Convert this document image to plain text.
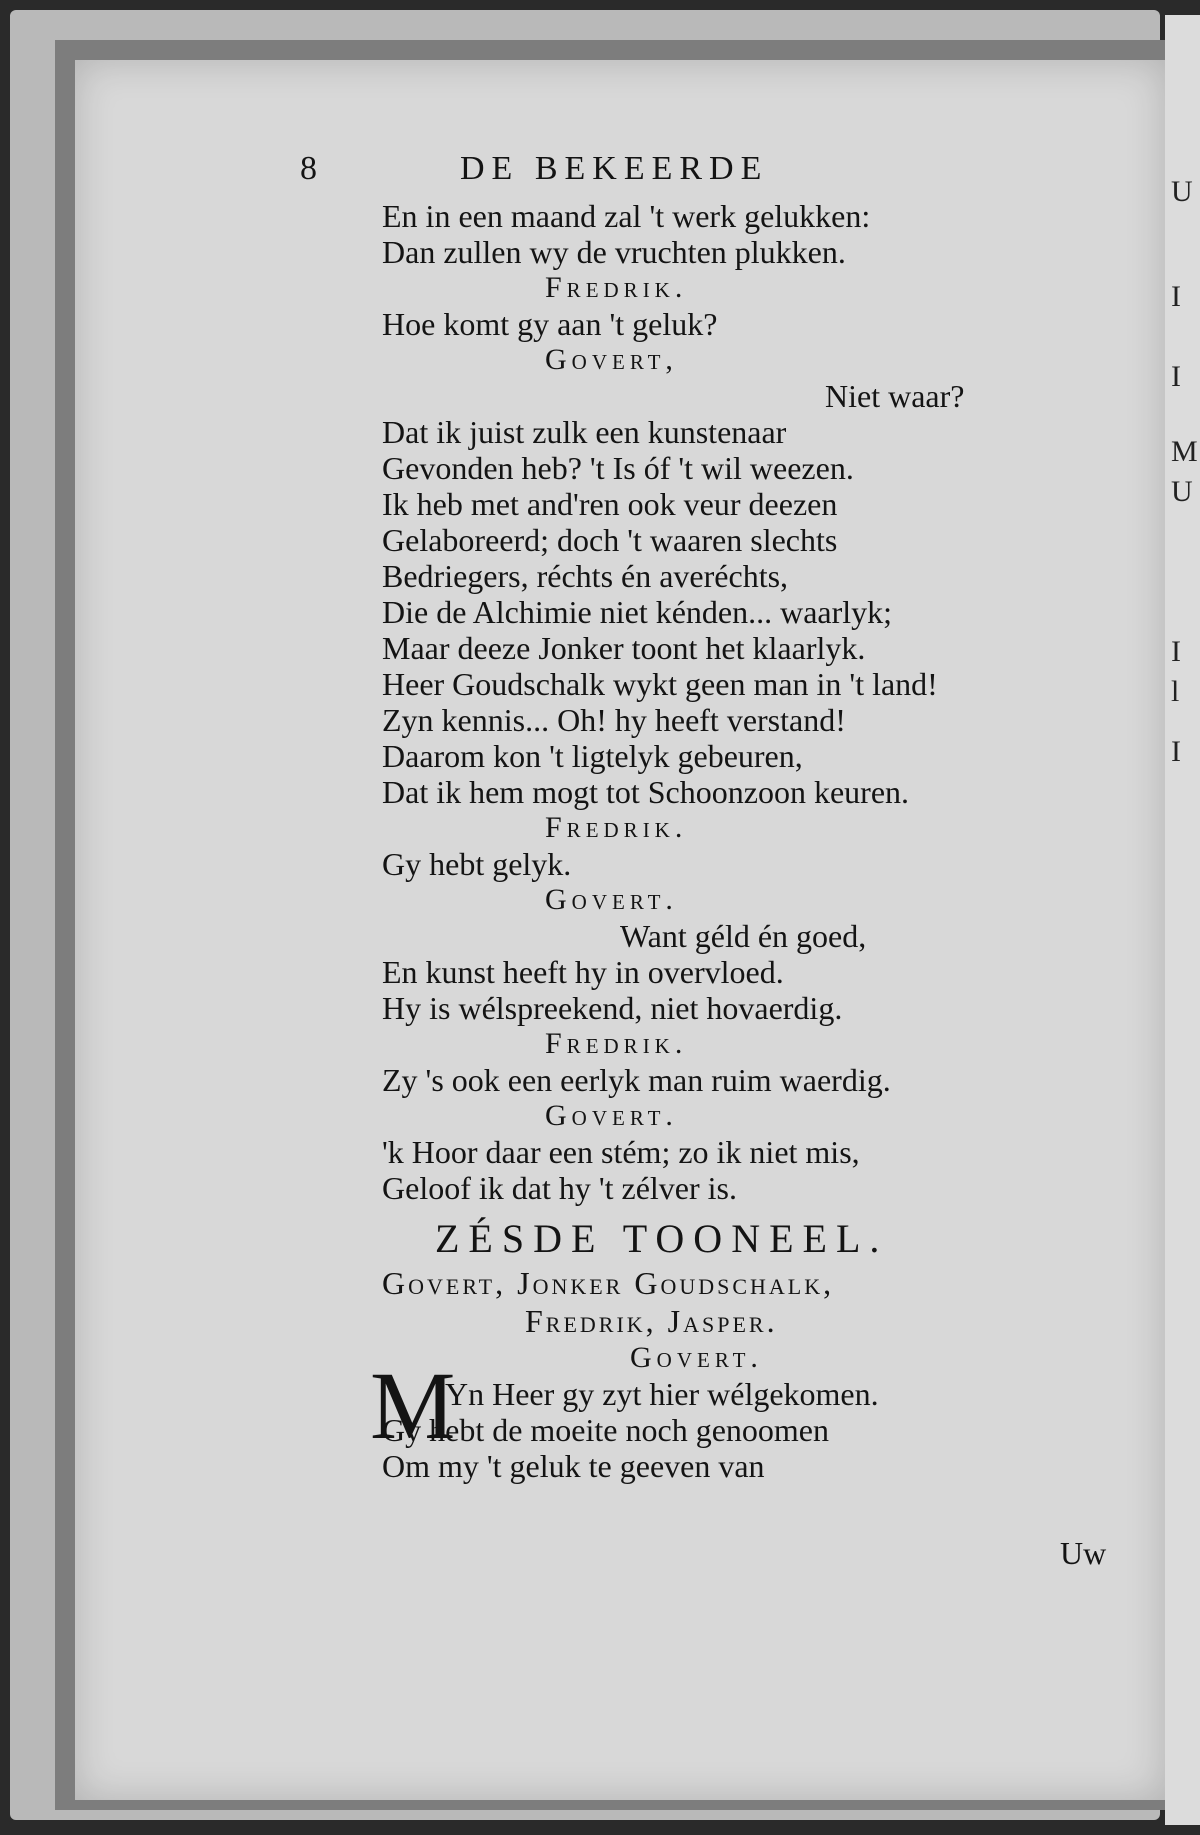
U
I
I
M
U
I
l
I
8	DE BEKEERDE
En in een maand zal 't werk gelukken:
Dan zullen wy de vruchten plukken.
Fredrik.
Hoe komt gy aan 't geluk?
Govert,
Niet waar?
Dat ik juist zulk een kunstenaar
Gevonden heb? 't Is óf 't wil weezen.
Ik heb met and'ren ook veur deezen
Gelaboreerd; doch 't waaren slechts
Bedriegers, réchts én averéchts,
Die de Alchimie niet kénden... waarlyk;
Maar deeze Jonker toont het klaarlyk.
Heer Goudschalk wykt geen man in 't land!
Zyn kennis... Oh! hy heeft verstand!
Daarom kon 't ligtelyk gebeuren,
Dat ik hem mogt tot Schoonzoon keuren.
Fredrik.
Gy hebt gelyk.
Govert.
Want géld én goed,
En kunst heeft hy in overvloed.
Hy is wélspreekend, niet hovaerdig.
Fredrik.
Zy 's ook een eerlyk man ruim waerdig.
Govert.
'k Hoor daar een stém; zo ik niet mis,
Geloof ik dat hy 't zélver is.
ZÉSDE TOONEEL.
Govert, Jonker Goudschalk,
Fredrik, Jasper.
Govert.
M
Yn Heer gy zyt hier wélgekomen.
Gy hebt de moeite noch genoomen
Om my 't geluk te geeven van
Uw
